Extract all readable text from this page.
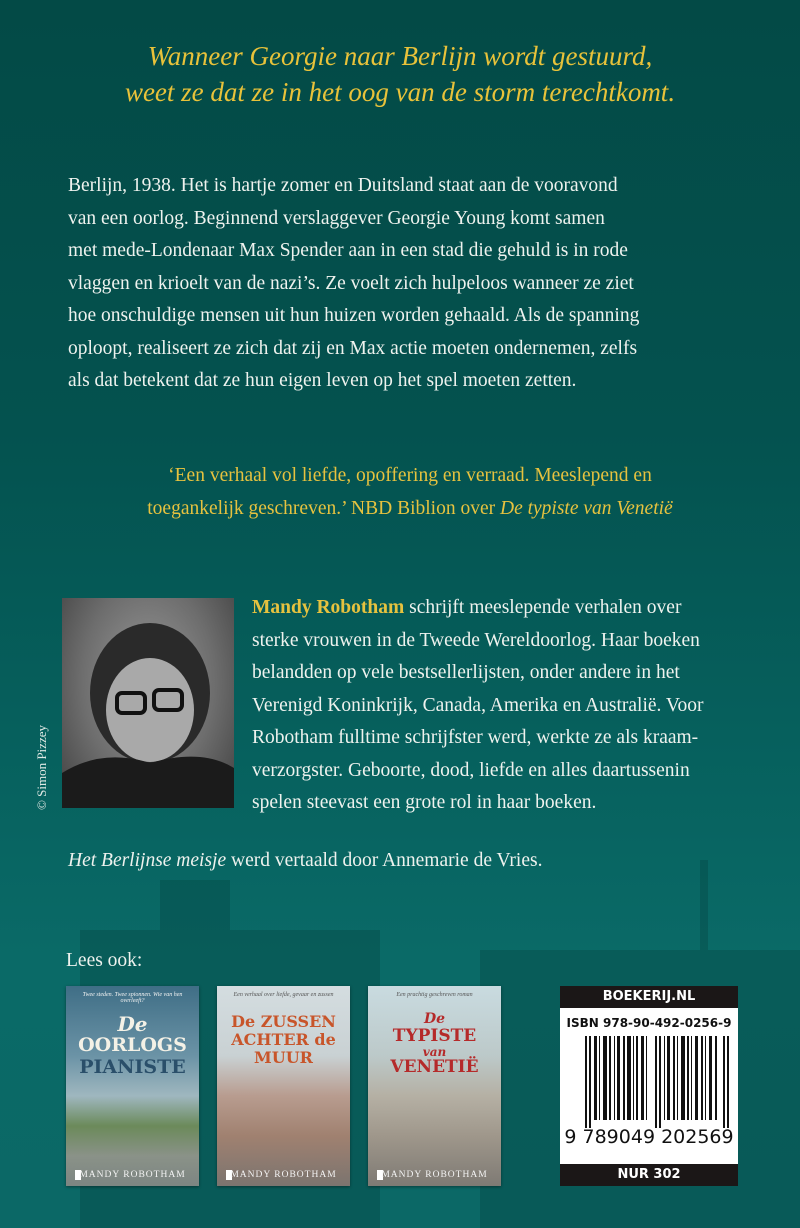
Wanneer Georgie naar Berlijn wordt gestuurd,
weet ze dat ze in het oog van de storm terechtkomt.
Berlijn, 1938. Het is hartje zomer en Duitsland staat aan de vooravond
van een oorlog. Beginnend verslaggever Georgie Young komt samen
met mede-Londenaar Max Spender aan in een stad die gehuld is in rode
vlaggen en krioelt van de nazi’s. Ze voelt zich hulpeloos wanneer ze ziet
hoe onschuldige mensen uit hun huizen worden gehaald. Als de spanning
oploopt, realiseert ze zich dat zij en Max actie moeten ondernemen, zelfs
als dat betekent dat ze hun eigen leven op het spel moeten zetten.
‘Een verhaal vol liefde, opoffering en verraad. Meeslepend en
toegankelijk geschreven.’ NBD Biblion over De typiste van Venetië
© Simon Pizzey
Mandy Robotham schrijft meeslepende verhalen over
sterke vrouwen in de Tweede Wereldoorlog. Haar boeken
belandden op vele bestsellerlijsten, onder andere in het
Verenigd Koninkrijk, Canada, Amerika en Australië. Voor
Robotham fulltime schrijfster werd, werkte ze als kraam-
verzorgster. Geboorte, dood, liefde en alles daartussenin
spelen steevast een grote rol in haar boeken.
Het Berlijnse meisje werd vertaald door Annemarie de Vries.
Lees ook:
Twee steden. Twee spionnen. Wie van hen overleeft?
De
OORLOGS
PIANISTE
MANDY ROBOTHAM
Een verhaal over liefde, gevaar en zussen
De ZUSSEN
ACHTER de
MUUR
MANDY ROBOTHAM
Een prachtig geschreven roman
De
TYPISTE
van
VENETIË
MANDY ROBOTHAM
BOEKERIJ.NL
ISBN 978-90-492-0256-9
9 789049 202569
NUR 302
